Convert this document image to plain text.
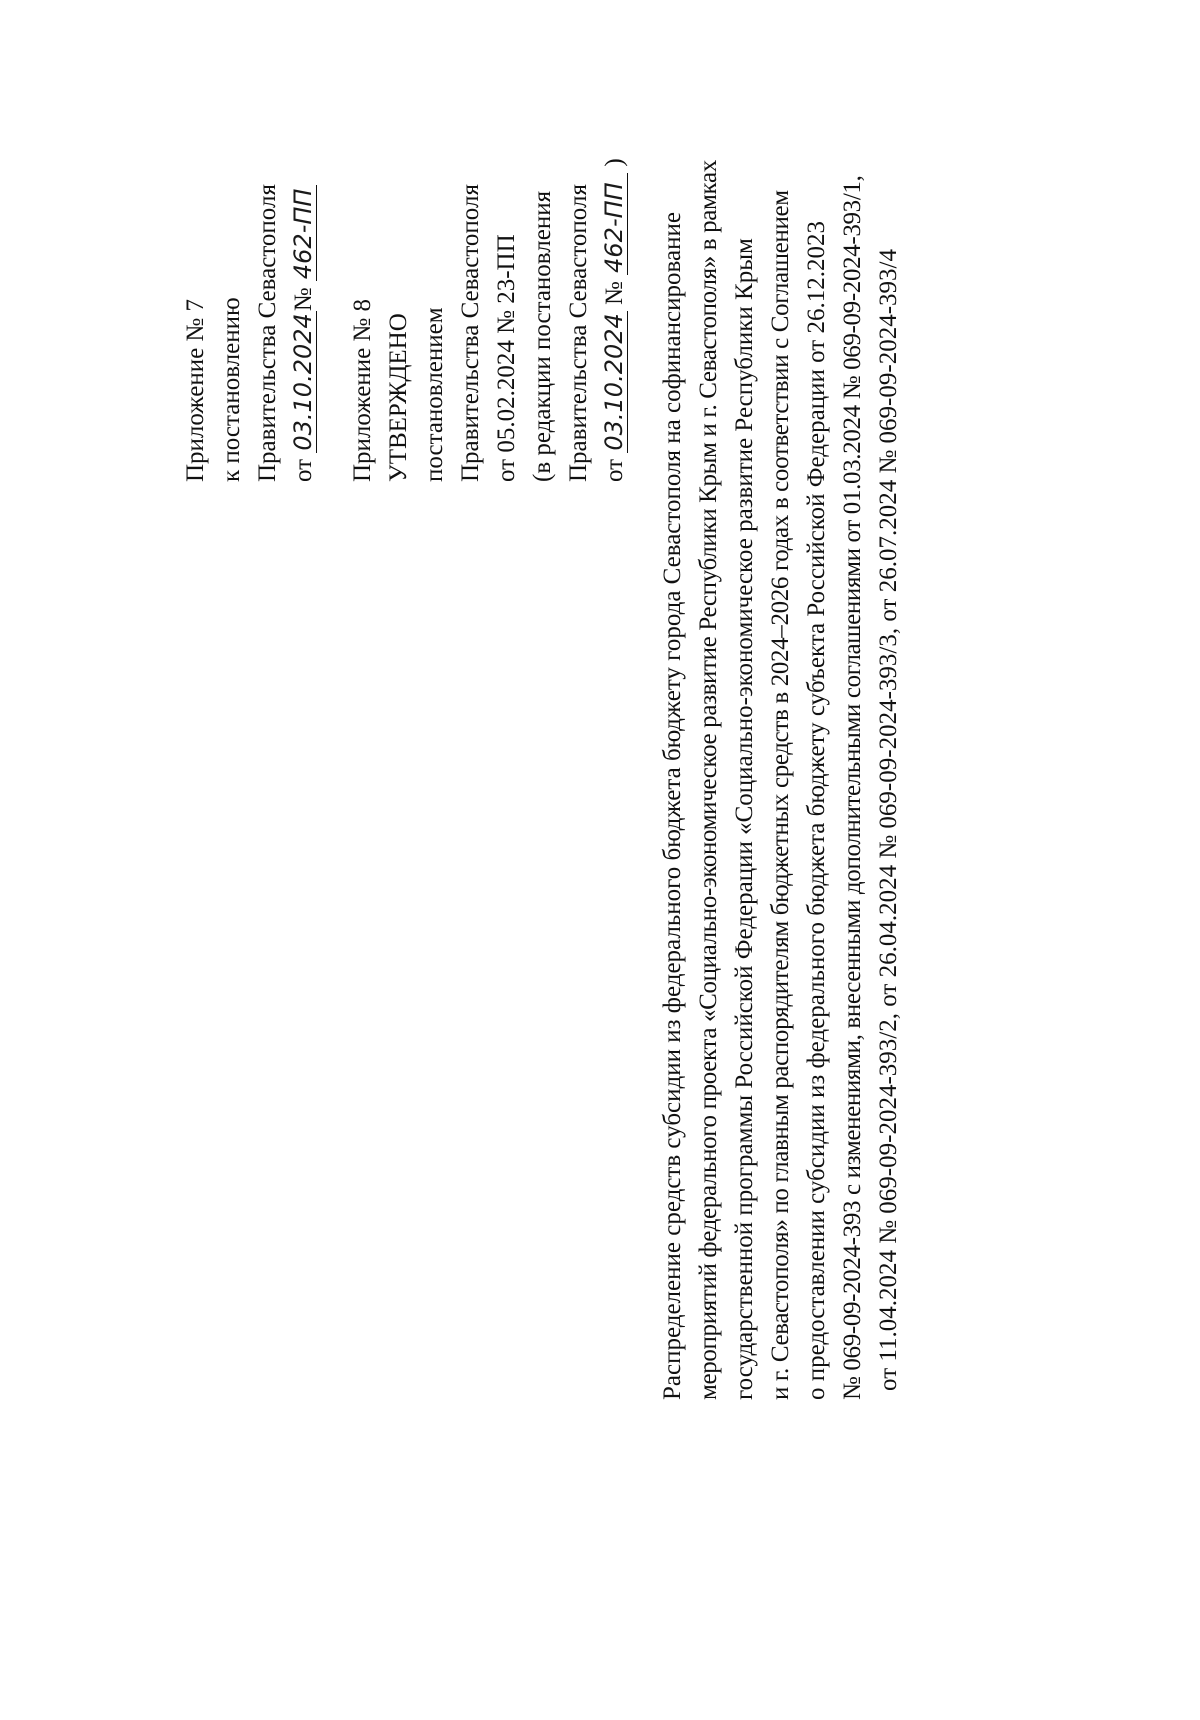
Приложение № 7 к постановлению Правительства Севастополя от 03.10.2024№ 462-ПП
Приложение № 8 УТВЕРЖДЕНО постановлением Правительства Севастополя от 05.02.2024 № 23-ПП (в редакции постановления Правительства Севастополя от 03.10.2024 № 462-ПП )
Распределение средств субсидии из федерального бюджета бюджету города Севастополя на софинансирование мероприятий федерального проекта «Социально-экономическое развитие Республики Крым и г. Севастополя» в рамках государственной программы Российской Федерации «Социально-экономическое развитие Республики Крым и г. Севастополя» по главным распорядителям бюджетных средств в 2024–2026 годах в соответствии с Соглашением о предоставлении субсидии из федерального бюджета бюджету субъекта Российской Федерации от 26.12.2023 № 069-09-2024-393 с изменениями, внесенными дополнительными соглашениями от 01.03.2024 № 069-09-2024-393/1, от 11.04.2024 № 069-09-2024-393/2, от 26.04.2024 № 069-09-2024-393/3, от 26.07.2024 № 069-09-2024-393/4
